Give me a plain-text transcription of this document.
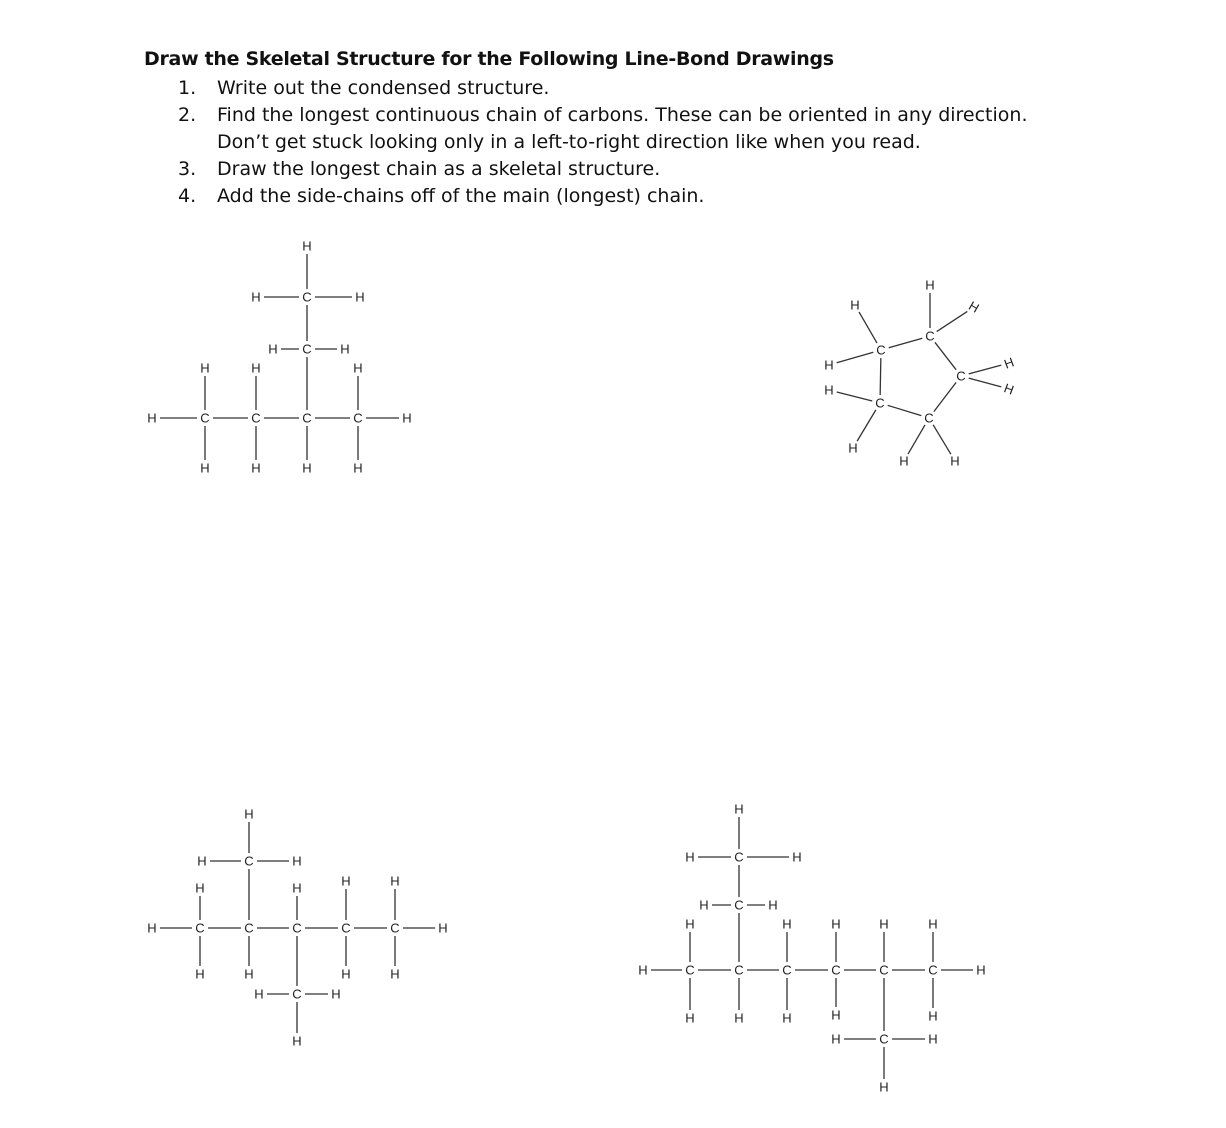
Draw the Skeletal Structure for the Following Line-Bond Drawings
1. Write out the condensed structure.
2. Find the longest continuous chain of carbons. These can be oriented in any direction. Don’t get stuck looking only in a left-to-right direction like when you read.
3. Draw the longest chain as a skeletal structure.
4. Add the side-chains off of the main (longest) chain.
C	C	C	C
C
C
H	H
H
H
H
H	H
H
H
H	H
H	H
H
C
C
C
C
C
H
H
H
H
H
H
H
H
H	H
C	C	C	C	C
C
C
H	H
H
H
H	H
H
H
H
H
H	H
H
H	H
H
C	C	C	C	C	C
C
C
C
H	H
H
H	H
H
H
H
H
H	H
H
H	H
H	H
H
H	H
H
